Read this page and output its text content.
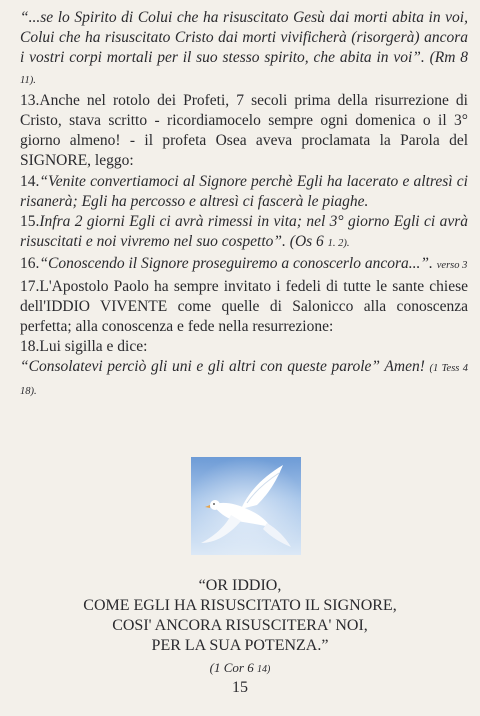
“...se lo Spirito di Colui che ha risuscitato Gesù dai morti abita in voi, Colui che ha risuscitato Cristo dai morti vivificherà (risorgerà) ancora i vostri corpi mortali per il suo stesso spirito, che abita in voi”. (Rm 8 11).

13.Anche nel rotolo dei Profeti, 7 secoli prima della risurrezione di Cristo, stava scritto - ricordiamocelo sempre ogni domenica o il 3° giorno almeno! - il profeta Osea aveva proclamata la Parola del SIGNORE, leggo:

14.“Venite convertiamoci al Signore perchè Egli ha lacerato e altresì ci risanerà; Egli ha percosso e altresì ci fascerà le piaghe.

15.Infra 2 giorni Egli ci avrà rimessi in vita; nel 3° giorno Egli ci avrà risuscitati e noi vivremo nel suo cospetto”. (Os 6 1. 2).

16.“Conoscendo il Signore proseguiremo a conoscerlo ancora...”. verso 3

17.L'Apostolo Paolo ha sempre invitato i fedeli di tutte le sante chiese dell'IDDIO VIVENTE come quelle di Salonicco alla conoscenza perfetta; alla conoscenza e fede nella resurrezione:

18.Lui sigilla e dice:

“Consolatevi perciò gli uni e gli altri con queste parole” Amen! (1 Tess 4 18).

“OR IDDIO,
COME EGLI HA RISUSCITATO IL SIGNORE,
COSI' ANCORA RISUSCITERA' NOI,
PER LA SUA POTENZA.”
(1 Cor 6 14)
15
